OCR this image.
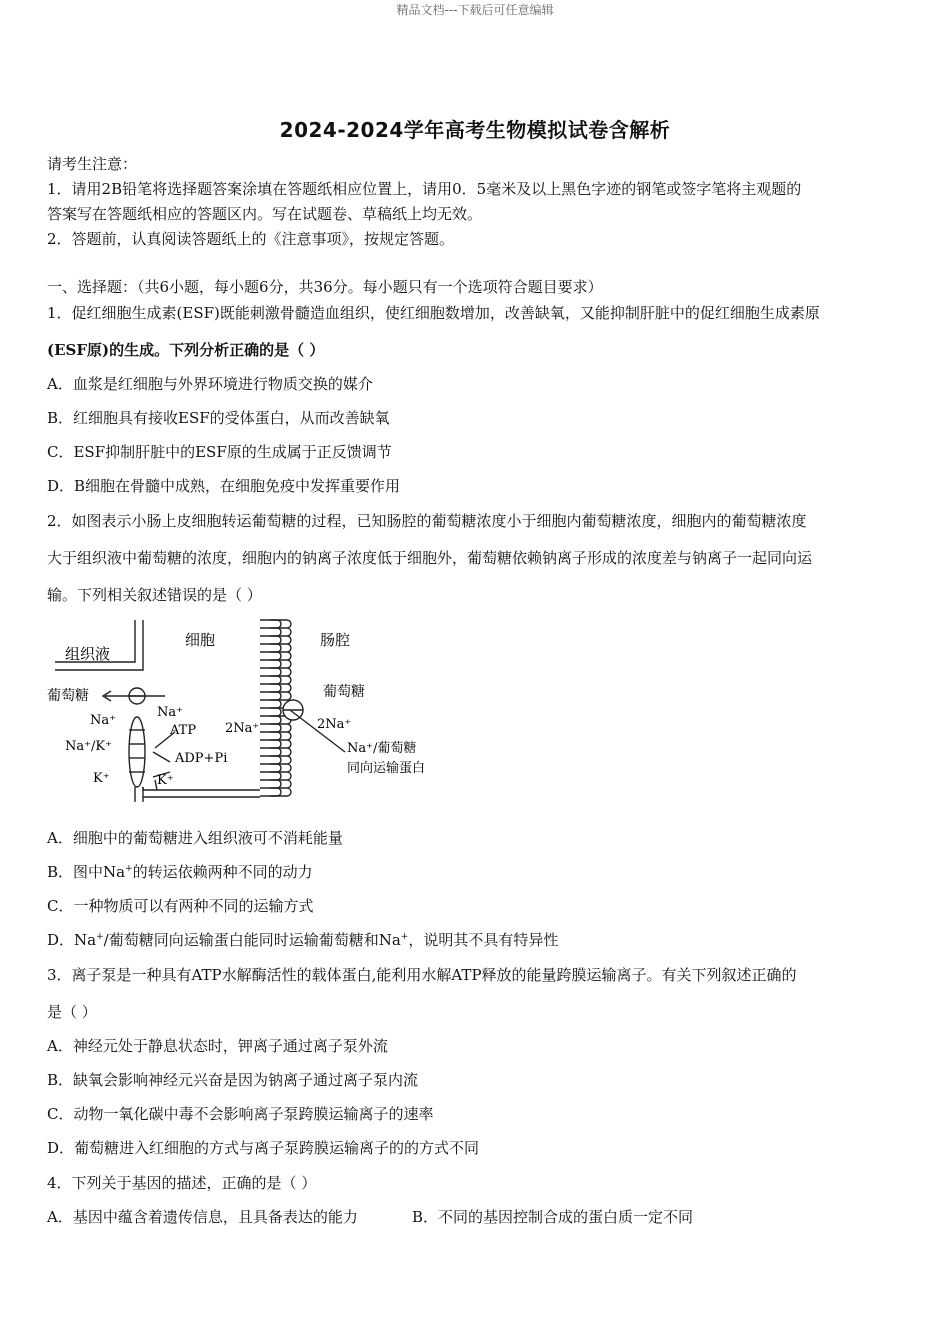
精品文档---下载后可任意编辑
2024-2024学年高考生物模拟试卷含解析
请考生注意：
1．请用2B铅笔将选择题答案涂填在答题纸相应位置上，请用0．5毫米及以上黑色字迹的钢笔或签字笔将主观题的
答案写在答题纸相应的答题区内。写在试题卷、草稿纸上均无效。
2．答题前，认真阅读答题纸上的《注意事项》，按规定答题。
一、选择题：（共6小题，每小题6分，共36分。每小题只有一个选项符合题目要求）
1．促红细胞生成素(ESF)既能刺激骨髓造血组织，使红细胞数增加，改善缺氧，又能抑制肝脏中的促红细胞生成素原
(ESF原)的生成。下列分析正确的是（ ）
A．血浆是红细胞与外界环境进行物质交换的媒介
B．红细胞具有接收ESF的受体蛋白，从而改善缺氧
C．ESF抑制肝脏中的ESF原的生成属于正反馈调节
D．B细胞在骨髓中成熟，在细胞免疫中发挥重要作用
2．如图表示小肠上皮细胞转运葡萄糖的过程，已知肠腔的葡萄糖浓度小于细胞内葡萄糖浓度，细胞内的葡萄糖浓度
大于组织液中葡萄糖的浓度，细胞内的钠离子浓度低于细胞外，葡萄糖依赖钠离子形成的浓度差与钠离子一起同向运
输。下列相关叙述错误的是（ ）
组织液
细胞	肠腔
葡萄糖	葡萄糖
Na⁺
Na⁺
ATP
Na⁺/K⁺
ADP+Pi
K⁺	K⁺
2Na⁺	2Na⁺
Na⁺/葡萄糖
同向运输蛋白
A．细胞中的葡萄糖进入组织液可不消耗能量
B．图中Na+的转运依赖两种不同的动力
C．一种物质可以有两种不同的运输方式
D．Na+/葡萄糖同向运输蛋白能同时运输葡萄糖和Na+，说明其不具有特异性
3．离子泵是一种具有ATP水解酶活性的载体蛋白,能利用水解ATP释放的能量跨膜运输离子。有关下列叙述正确的
是（ ）
A．神经元处于静息状态时，钾离子通过离子泵外流
B．缺氧会影响神经元兴奋是因为钠离子通过离子泵内流
C．动物一氧化碳中毒不会影响离子泵跨膜运输离子的速率
D．葡萄糖进入红细胞的方式与离子泵跨膜运输离子的的方式不同
4．下列关于基因的描述，正确的是（ ）
A．基因中蕴含着遗传信息，且具备表达的能力	B．不同的基因控制合成的蛋白质一定不同
